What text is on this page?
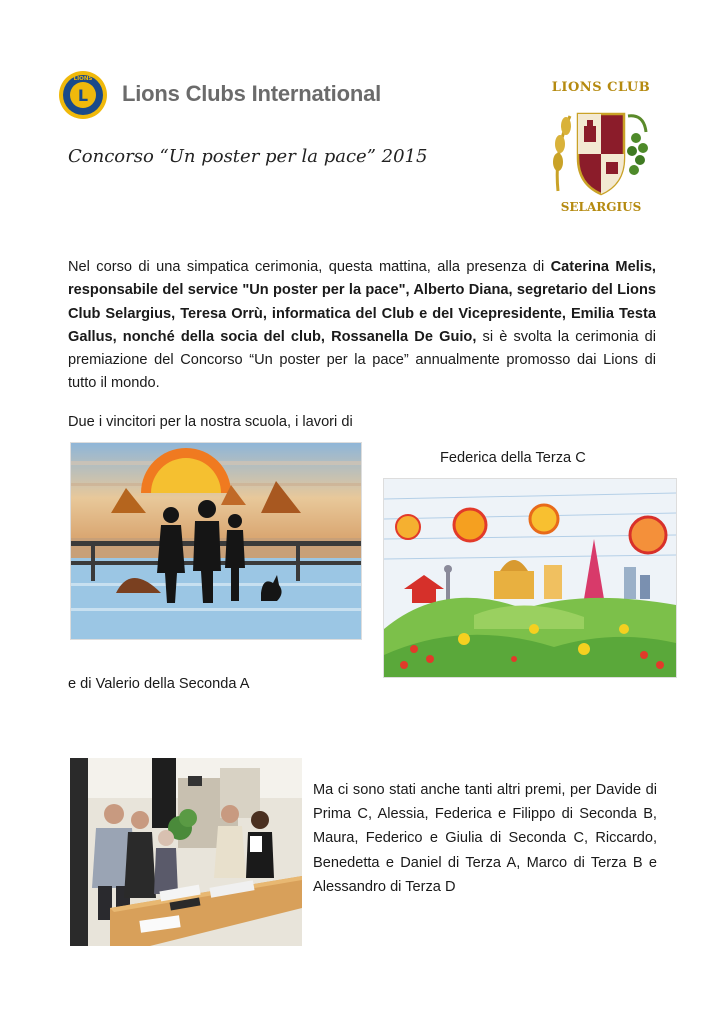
L
LIONS
Lions Clubs International	LIONS CLUB
SELARGIUS
Concorso “Un poster per la pace” 2015
Nel corso di una simpatica cerimonia, questa mattina, alla presenza di Caterina Melis, responsabile del service "Un poster per la pace", Alberto Diana, segretario del Lions Club Selargius, Teresa Orrù, informatica del Club e deI Vicepresidente, Emilia Testa Gallus, nonché della socia del club, Rossanella De Guio, si è svolta la cerimonia di premiazione del Concorso “Un poster per la pace” annualmente promosso dai Lions di tutto il mondo.
Due i vincitori per la nostra scuola, i lavori di
Federica della Terza C
e di Valerio della Seconda A
Ma ci sono stati anche tanti altri premi, per Davide di Prima C, Alessia, Federica e Filippo di Seconda B, Maura, Federico e Giulia di Seconda C, Riccardo, Benedetta e Daniel di Terza A, Marco di Terza B e Alessandro di Terza D
